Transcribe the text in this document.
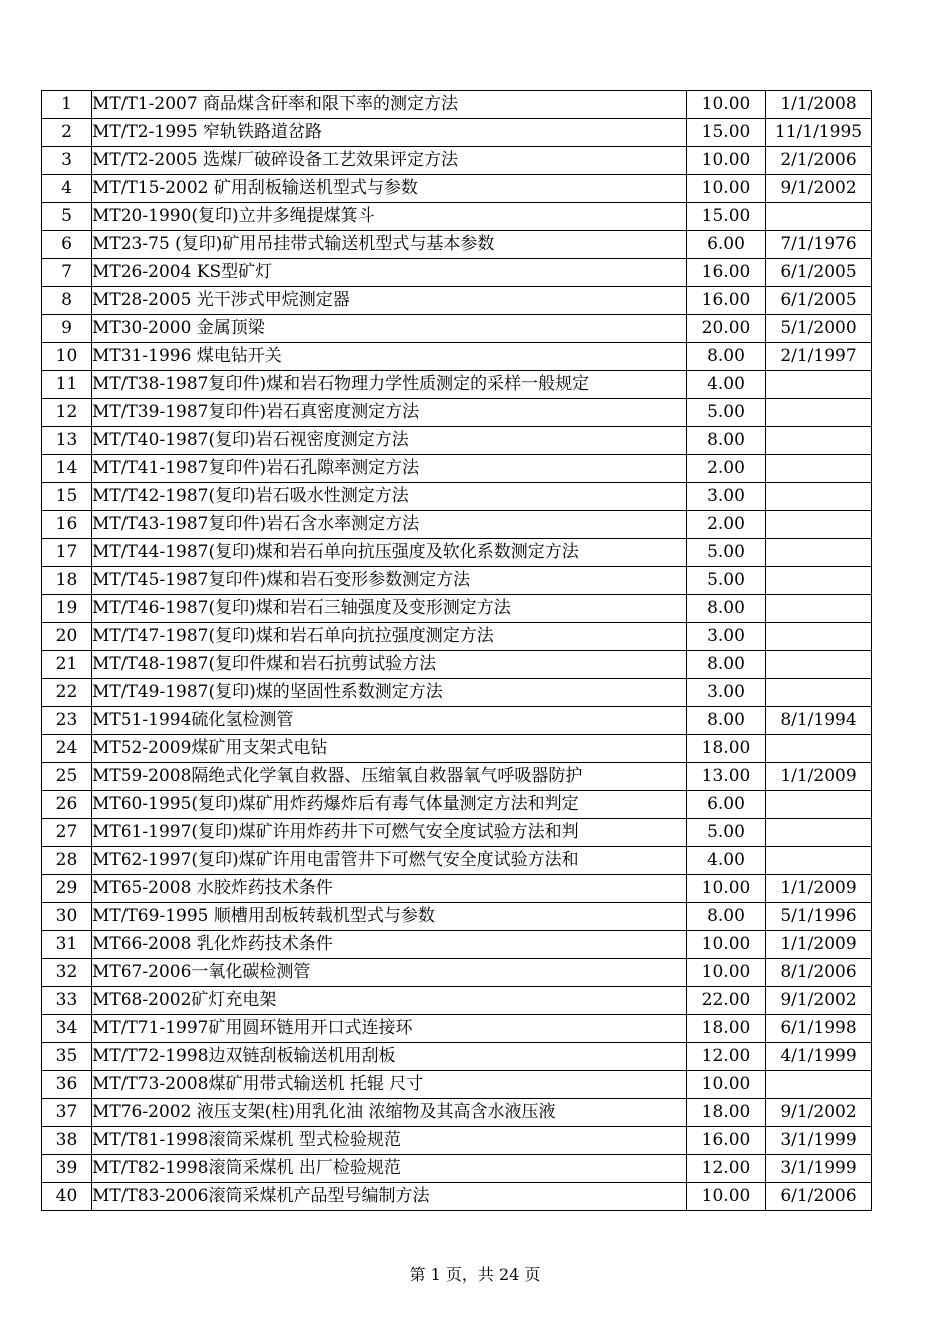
1	MT/T1-2007 商品煤含矸率和限下率的测定方法	10.00	1/1/2008
2	MT/T2-1995 窄轨铁路道岔路	15.00	11/1/1995
3	MT/T2-2005 选煤厂破碎设备工艺效果评定方法	10.00	2/1/2006
4	MT/T15-2002 矿用刮板输送机型式与参数	10.00	9/1/2002
5	MT20-1990(复印)立井多绳提煤箕斗	15.00	
6	MT23-75 (复印)矿用吊挂带式输送机型式与基本参数	6.00	7/1/1976
7	MT26-2004 KS型矿灯	16.00	6/1/2005
8	MT28-2005 光干涉式甲烷测定器	16.00	6/1/2005
9	MT30-2000 金属顶梁	20.00	5/1/2000
10	MT31-1996 煤电钻开关	8.00	2/1/1997
11	MT/T38-1987复印件)煤和岩石物理力学性质测定的采样一般规定	4.00	
12	MT/T39-1987复印件)岩石真密度测定方法	5.00	
13	MT/T40-1987(复印)岩石视密度测定方法	8.00	
14	MT/T41-1987复印件)岩石孔隙率测定方法	2.00	
15	MT/T42-1987(复印)岩石吸水性测定方法	3.00	
16	MT/T43-1987复印件)岩石含水率测定方法	2.00	
17	MT/T44-1987(复印)煤和岩石单向抗压强度及软化系数测定方法	5.00	
18	MT/T45-1987复印件)煤和岩石变形参数测定方法	5.00	
19	MT/T46-1987(复印)煤和岩石三轴强度及变形测定方法	8.00	
20	MT/T47-1987(复印)煤和岩石单向抗拉强度测定方法	3.00	
21	MT/T48-1987(复印件煤和岩石抗剪试验方法	8.00	
22	MT/T49-1987(复印)煤的坚固性系数测定方法	3.00	
23	MT51-1994硫化氢检测管	8.00	8/1/1994
24	MT52-2009煤矿用支架式电钻	18.00	
25	MT59-2008隔绝式化学氧自救器、压缩氧自救器氧气呼吸器防护	13.00	1/1/2009
26	MT60-1995(复印)煤矿用炸药爆炸后有毒气体量测定方法和判定	6.00	
27	MT61-1997(复印)煤矿许用炸药井下可燃气安全度试验方法和判	5.00	
28	MT62-1997(复印)煤矿许用电雷管井下可燃气安全度试验方法和	4.00	
29	MT65-2008 水胶炸药技术条件	10.00	1/1/2009
30	MT/T69-1995 顺槽用刮板转载机型式与参数	8.00	5/1/1996
31	MT66-2008 乳化炸药技术条件	10.00	1/1/2009
32	MT67-2006一氧化碳检测管	10.00	8/1/2006
33	MT68-2002矿灯充电架	22.00	9/1/2002
34	MT/T71-1997矿用圆环链用开口式连接环	18.00	6/1/1998
35	MT/T72-1998边双链刮板输送机用刮板	12.00	4/1/1999
36	MT/T73-2008煤矿用带式输送机 托辊 尺寸	10.00	
37	MT76-2002 液压支架(柱)用乳化油 浓缩物及其高含水液压液	18.00	9/1/2002
38	MT/T81-1998滚筒采煤机 型式检验规范	16.00	3/1/1999
39	MT/T82-1998滚筒采煤机 出厂检验规范	12.00	3/1/1999
40	MT/T83-2006滚筒采煤机产品型号编制方法	10.00	6/1/2006
第 1 页，共 24 页
